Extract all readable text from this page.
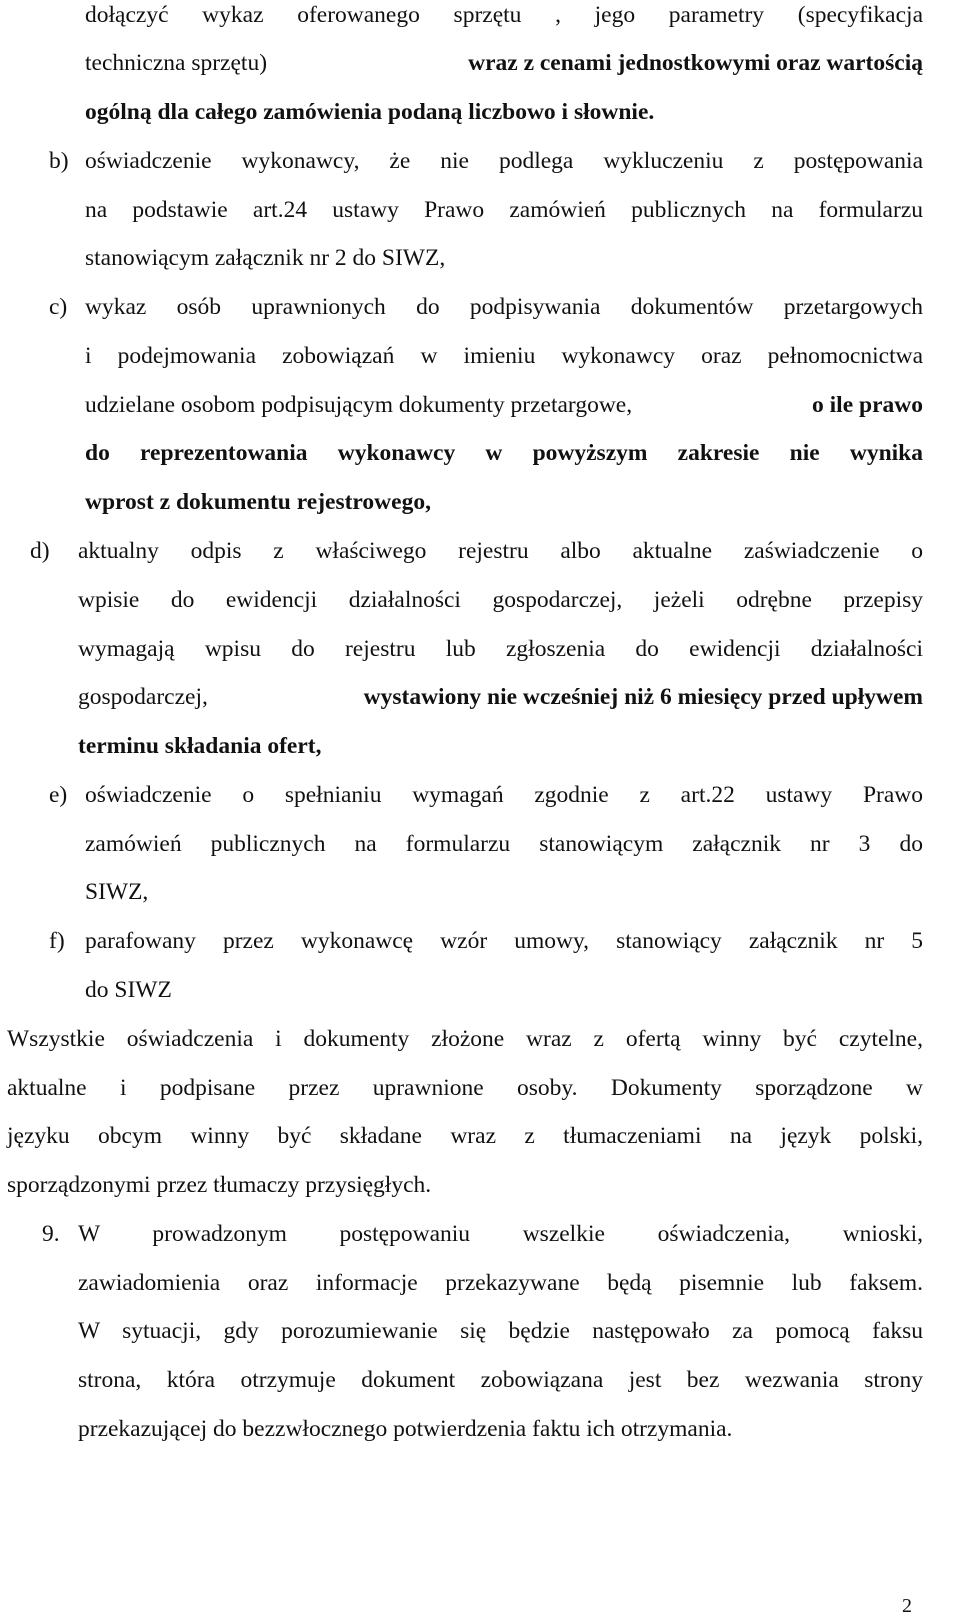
dołączyć wykaz oferowanego sprzętu , jego parametry (specyfikacja

techniczna sprzętu)	wraz z cenami jednostkowymi oraz wartością

ogólną dla całego zamówienia podaną liczbowo i słownie.

b) oświadczenie wykonawcy, że nie podlega wykluczeniu z postępowania

na podstawie art.24 ustawy Prawo zamówień publicznych na formularzu

stanowiącym załącznik nr 2 do SIWZ,

c) wykaz osób uprawnionych do podpisywania dokumentów przetargowych

i podejmowania zobowiązań w imieniu wykonawcy oraz pełnomocnictwa

udzielane osobom podpisującym dokumenty przetargowe,	o ile prawo

do reprezentowania wykonawcy w powyższym zakresie nie wynika

wprost z dokumentu rejestrowego,

d) aktualny odpis z właściwego rejestru albo aktualne zaświadczenie o

wpisie do ewidencji działalności gospodarczej, jeżeli odrębne przepisy

wymagają wpisu do rejestru lub zgłoszenia do ewidencji działalności

gospodarczej,	wystawiony nie wcześniej niż 6 miesięcy przed upływem

terminu składania ofert,

e) oświadczenie o spełnianiu wymagań zgodnie z art.22 ustawy Prawo

zamówień publicznych na formularzu stanowiącym załącznik nr 3 do

SIWZ,

f) parafowany przez wykonawcę wzór umowy, stanowiący załącznik nr 5

do SIWZ

Wszystkie oświadczenia i dokumenty złożone wraz z ofertą winny być czytelne,

aktualne i podpisane przez uprawnione osoby. Dokumenty sporządzone w

języku obcym winny być składane wraz z tłumaczeniami na język polski,

sporządzonymi przez tłumaczy przysięgłych.

9. W prowadzonym postępowaniu wszelkie oświadczenia, wnioski,

zawiadomienia oraz informacje przekazywane będą pisemnie lub faksem.

W sytuacji, gdy porozumiewanie się będzie następowało za pomocą faksu

strona, która otrzymuje dokument zobowiązana jest bez wezwania strony

przekazującej do bezzwłocznego potwierdzenia faktu ich otrzymania.

2
